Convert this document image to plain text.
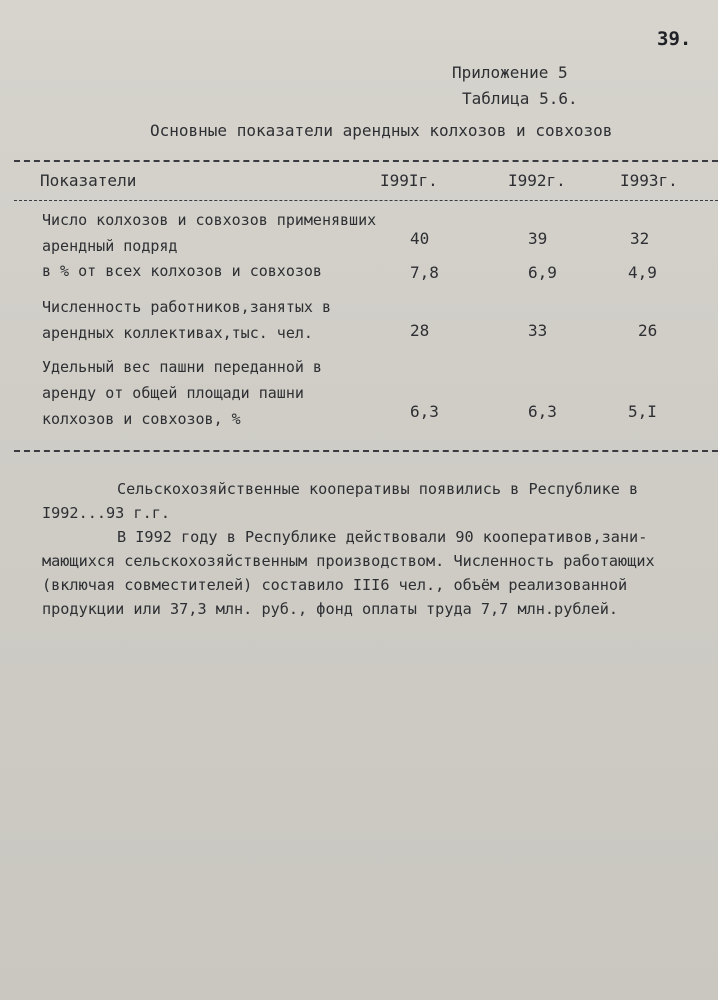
39.
Приложение 5
Таблица 5.6.
Основные показатели арендных колхозов и совхозов
Показатели	I99Iг.	I992г.	I993г.
Число колхозов и совхозов применявших арендный подряд	40	39	32
в % от всех колхозов и совхозов	7,8	6,9	4,9
Численность работников,занятых в арендных коллективах,тыс. чел.	28	33	26
Удельный вес пашни переданной в аренду от общей площади пашни колхозов и совхозов, %	6,3	6,3	5,I
Сельскохозяйственные кооперативы появились в Республике в
I992...93 г.г.
В I992 году в Республике действовали 90 кооперативов,зани-
мающихся сельскохозяйственным производством. Численность работающих
(включая совместителей) составило III6 чел., объём реализованной
продукции или 37,3 млн. руб., фонд оплаты труда 7,7 млн.рублей.
